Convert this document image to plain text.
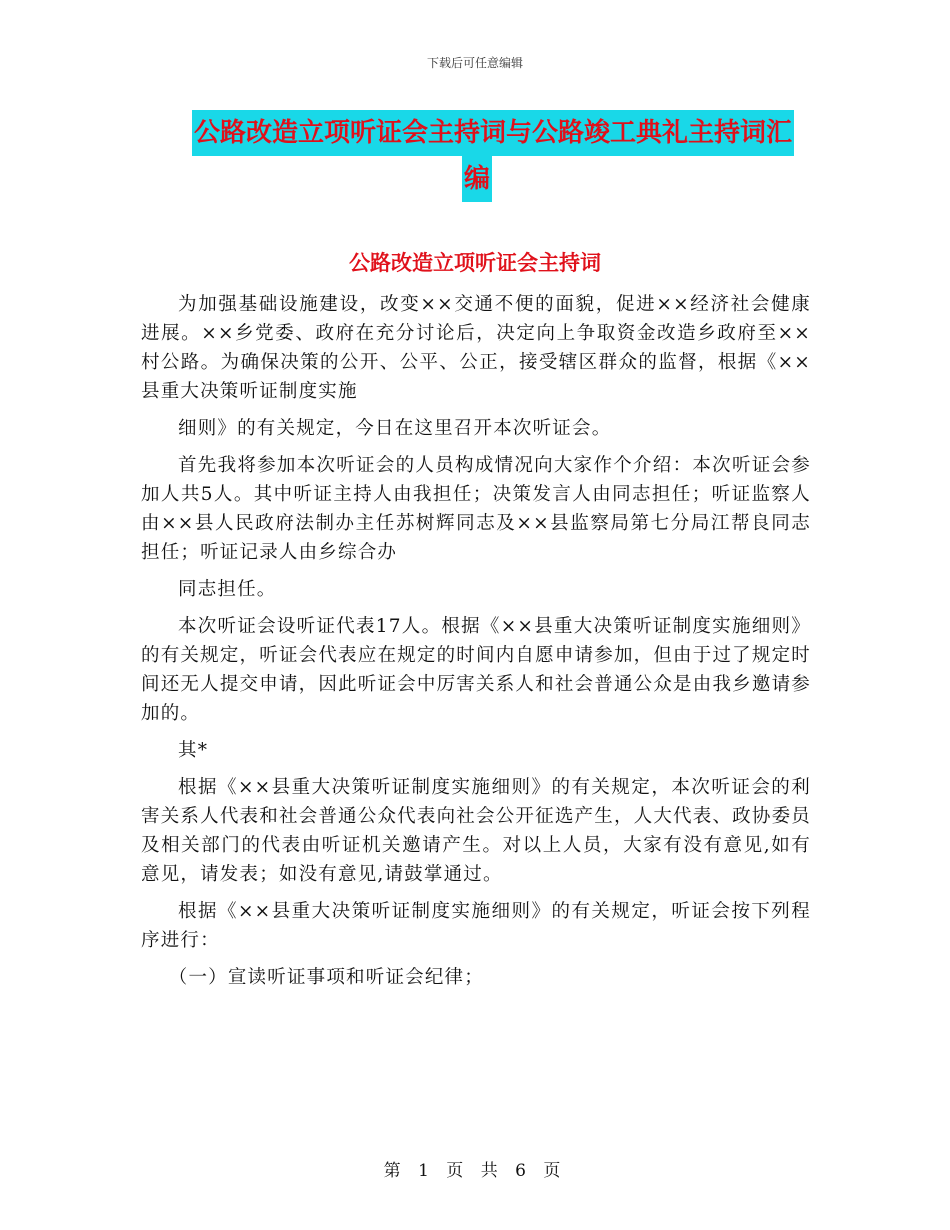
下载后可任意编辑
公路改造立项听证会主持词与公路竣工典礼主持词汇
编
公路改造立项听证会主持词

为加强基础设施建设，改变××交通不便的面貌，促进××经济社会健康进展。××乡党委、政府在充分讨论后，决定向上争取资金改造乡政府至××村公路。为确保决策的公开、公平、公正，接受辖区群众的监督，根据《××县重大决策听证制度实施

细则》的有关规定，今日在这里召开本次听证会。

首先我将参加本次听证会的人员构成情况向大家作个介绍：本次听证会参加人共5人。其中听证主持人由我担任；决策发言人由同志担任；听证监察人由××县人民政府法制办主任苏树辉同志及××县监察局第七分局江帮良同志担任；听证记录人由乡综合办

同志担任。

本次听证会设听证代表17人。根据《××县重大决策听证制度实施细则》的有关规定，听证会代表应在规定的时间内自愿申请参加，但由于过了规定时间还无人提交申请，因此听证会中厉害关系人和社会普通公众是由我乡邀请参加的。

其*

根据《××县重大决策听证制度实施细则》的有关规定，本次听证会的利害关系人代表和社会普通公众代表向社会公开征选产生，人大代表、政协委员及相关部门的代表由听证机关邀请产生。对以上人员，大家有没有意见,如有意见，请发表；如没有意见,请鼓掌通过。

根据《××县重大决策听证制度实施细则》的有关规定，听证会按下列程序进行：

（一）宣读听证事项和听证会纪律；

第 1 页 共 6 页
